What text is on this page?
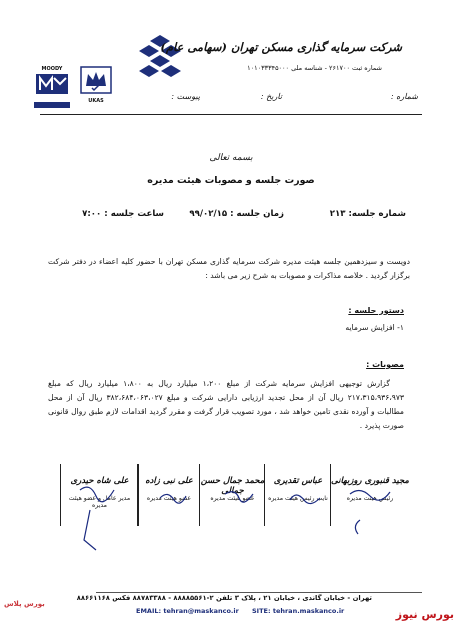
MOODY
UKAS
شرکت سرمایه گذاری مسکن تهران (سهامی عام)
شماره ثبت ۲۶۱۷۰۰ - شناسه ملی ۱۰۱۰۳۳۳۴۵۰۰۰
شماره :
تاریخ :
پیوست :
بسمه تعالی
صورت جلسه و مصوبات هیئت مدیره
شماره جلسه: ۲۱۳
زمان جلسه : ۹۹/۰۲/۱۵
ساعت جلسه : ۷:۰۰
دویست و سیزدهمین جلسه هیئت مدیره شرکت سرمایه گذاری مسکن تهران با حضور کلیه اعضاء در دفتر شرکت برگزار گردید . خلاصه مذاکرات و مصوبات به شرح زیر می باشد :
دستور جلسه :
۱- افزایش سرمایه
مصوبات :
گزارش توجیهی افزایش سرمایه شرکت از مبلغ ۱،۲۰۰ میلیارد ریال به ۱،۸۰۰ میلیارد ریال که مبلغ ۲۱۷،۳۱۵،۹۳۶،۹۷۳ ریال آن از محل تجدید ارزیابی دارایی شرکت و مبلغ ۳۸۲،۶۸۴،۰۶۳،۰۲۷ ریال آن از محل مطالبات و آورده نقدی تامین خواهد شد ، مورد تصویب قرار گرفت و مقرر گردید اقدامات لازم طبق روال قانونی صورت پذیرد .
مجید قنبوری روزبهانی
رئیس هیئت مدیره
عباس تقدیری
نایب رئیس هیئت مدیره
محمد جمال حسن جمالی
عضو هیئت مدیره
علی نبی زاده
عضو هیئت مدیره
علی شاه حیدری
مدیر عامل و عضو هیئت مدیره
تهران - خیابان گاندی ، خیابان ۲۱ ، پلاک ۳ تلفن ۲-۸۸۸۸۵۵۶۱ - ۸۸۷۸۳۳۸۸ فکس ۸۸۶۶۱۱۶۸
EMAIL: tehran@maskanco.ir SITE: tehran.maskanco.ir
بورس پلاس
بورس نیوز
